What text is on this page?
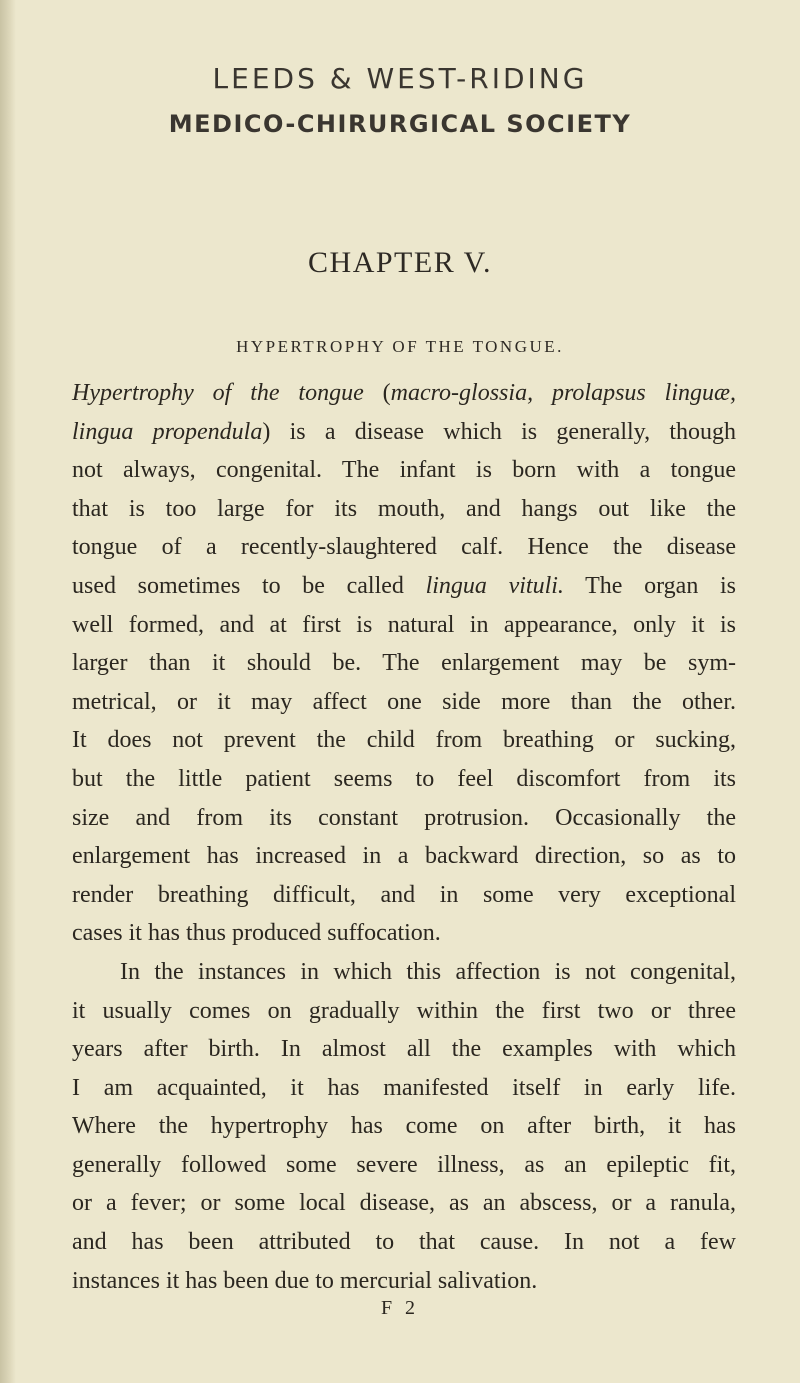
LEEDS & WEST-RIDING
MEDICO-CHIRURGICAL SOCIETY
CHAPTER V.
HYPERTROPHY OF THE TONGUE.
Hypertrophy of the tongue (macro-glossia, prolapsus linguæ,
lingua propendula) is a disease which is generally, though
not always, congenital. The infant is born with a tongue
that is too large for its mouth, and hangs out like the
tongue of a recently-slaughtered calf. Hence the disease
used sometimes to be called lingua vituli. The organ is
well formed, and at first is natural in appearance, only it is
larger than it should be. The enlargement may be sym-
metrical, or it may affect one side more than the other.
It does not prevent the child from breathing or sucking,
but the little patient seems to feel discomfort from its
size and from its constant protrusion. Occasionally the
enlargement has increased in a backward direction, so as to
render breathing difficult, and in some very exceptional
cases it has thus produced suffocation.
In the instances in which this affection is not congenital,
it usually comes on gradually within the first two or three
years after birth. In almost all the examples with which
I am acquainted, it has manifested itself in early life.
Where the hypertrophy has come on after birth, it has
generally followed some severe illness, as an epileptic fit,
or a fever; or some local disease, as an abscess, or a ranula,
and has been attributed to that cause. In not a few
instances it has been due to mercurial salivation.
F 2
